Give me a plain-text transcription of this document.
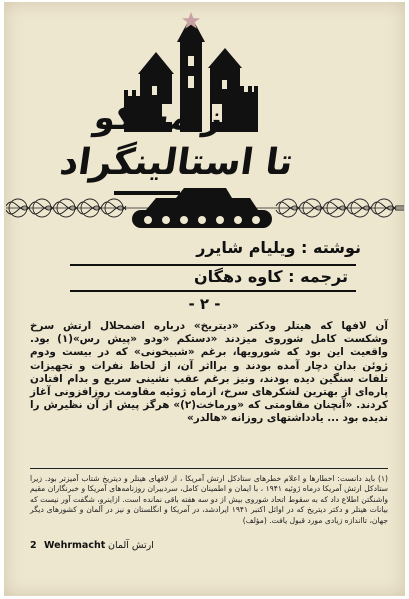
از مسکو
تا استالینگراد
نوشته : ویلیام شایرر
ترجمه : کاوه دهگان
- ۲ -

آن لافها که هیتلر ودکتر «دیتریخ» درباره اضمحلال ارتش سرخ وشکست کامل شوروی میزدند «دستکم «ودو «پیش رس»(۱) بود. واقعیت این بود که شورویها، برغم «شبیخونی» که در بیست ودوم ژوئن بدان دچار آمده بودند و برااثر آن، از لحاظ نفرات و تجهیزات تلفات سنگین دیده بودند، ونیز برغم عقب نشینی سریع و بدام افتادن پاره‌ای از بهترین لشکرهای سرخ، ازماه ژوئیه مقاومت روزافزونی آغاز کردند. «آنچنان مقاومتی که «ورماخت(۲)» هرگز پیش از آن نظیرش را ندیده بود ... یادداشتهای روزانه «هالدر»

(۱) باید دانست: اخطارها و اعلام خطرهای ستادکل ارتش آمریکا ، از لافهای هیتلر و دیتریخ شتاب آمیزتر بود. زیرا ستادکل ارتش آمریکا درماه ژوئیه ۱۹۴۱ ، با ایمان و اطمینان کامل، سردبیران روزنامه‌های آمریکا و خبرنگاران مقیم واشنگتن اطلاع داد که به سقوط اتحاد شوروی بیش از دو سه هفته باقی نمانده است. ازاینرو، شگفت آور نیست که بیانات هیتلر و دکتر دیتریخ که در اوائل اکتبر ۱۹۴۱ ایرادشد، در آمریکا و انگلستان و نیز در آلمان و کشورهای دیگر جهان، تااندازه زیادی مورد قبول یافت. (مؤلف)

2 Wehrmacht ارتش آلمان
